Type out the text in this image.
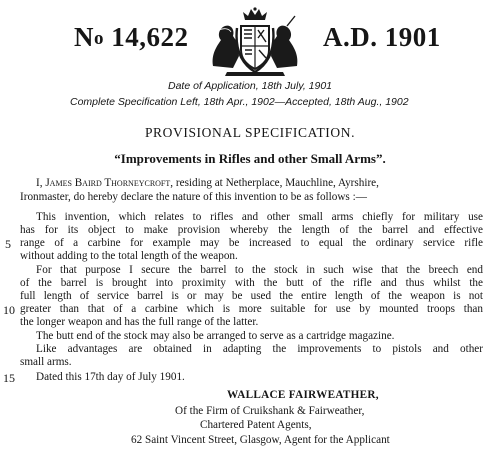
No 14,622	A.D. 1901
Date of Application, 18th July, 1901
Complete Specification Left, 18th Apr., 1902—Accepted, 18th Aug., 1902
PROVISIONAL SPECIFICATION.
“Improvements in Rifles and other Small Arms”.
I, James Baird Thorneycroft, residing at Netherplace, Mauchline, Ayrshire,
Ironmaster, do hereby declare the nature of this invention to be as follows :—
This invention, which relates to rifles and other small arms chiefly for military use
has for its object to make provision whereby the length of the barrel and effective
range of a carbine for example may be increased to equal the ordinary service rifle
without adding to the total length of the weapon.
For that purpose I secure the barrel to the stock in such wise that the breech end
of the barrel is brought into proximity with the butt of the rifle and thus whilst the
full length of service barrel is or may be used the entire length of the weapon is not
greater than that of a carbine which is more suitable for use by mounted troops than
the longer weapon and has the full range of the latter.
The butt end of the stock may also be arranged to serve as a cartridge magazine.
Like advantages are obtained in adapting the improvements to pistols and other
small arms.
5
10
15 Dated this 17th day of July 1901.
WALLACE FAIRWEATHER,
Of the Firm of Cruikshank & Fairweather,
Chartered Patent Agents,
62 Saint Vincent Street, Glasgow, Agent for the Applicant
